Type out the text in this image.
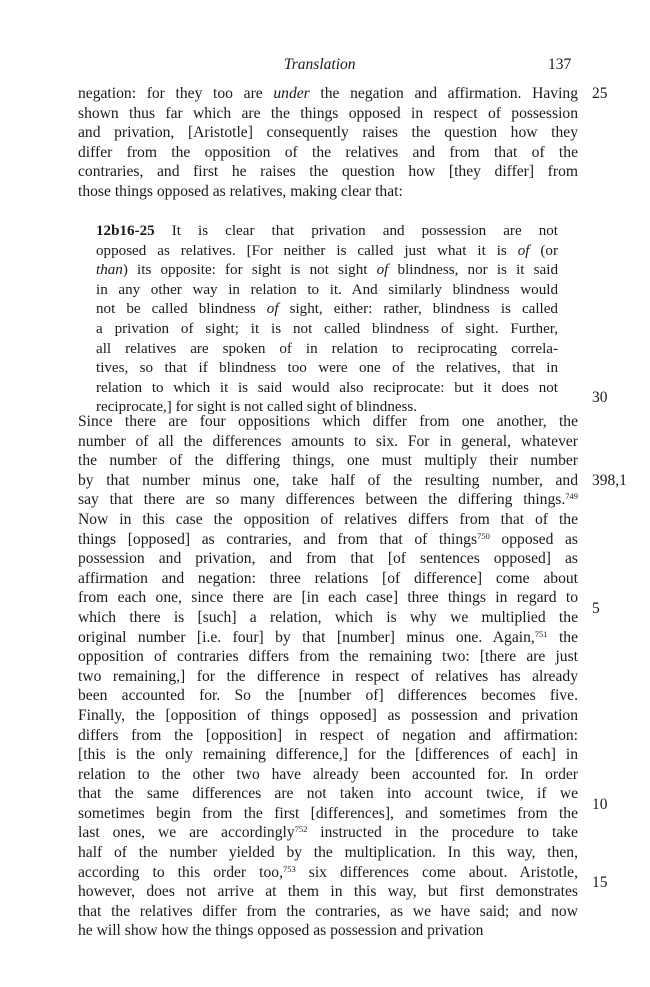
Translation	137
negation: for they too are under the negation and affirmation. Having
shown thus far which are the things opposed in respect of possession
and privation, [Aristotle] consequently raises the question how they
differ from the opposition of the relatives and from that of the
contraries, and first he raises the question how [they differ] from
those things opposed as relatives, making clear that:
12b16-25 It is clear that privation and possession are not
opposed as relatives. [For neither is called just what it is of (or
than) its opposite: for sight is not sight of blindness, nor is it said
in any other way in relation to it. And similarly blindness would
not be called blindness of sight, either: rather, blindness is called
a privation of sight; it is not called blindness of sight. Further,
all relatives are spoken of in relation to reciprocating correla-
tives, so that if blindness too were one of the relatives, that in
relation to which it is said would also reciprocate: but it does not
reciprocate,] for sight is not called sight of blindness.
Since there are four oppositions which differ from one another, the
number of all the differences amounts to six. For in general, whatever
the number of the differing things, one must multiply their number
by that number minus one, take half of the resulting number, and
say that there are so many differences between the differing things.$^{749}$
Now in this case the opposition of relatives differs from that of the
things [opposed] as contraries, and from that of things$^{750}$ opposed as
possession and privation, and from that [of sentences opposed] as
affirmation and negation: three relations [of difference] come about
from each one, since there are [in each case] three things in regard to
which there is [such] a relation, which is why we multiplied the
original number [i.e. four] by that [number] minus one. Again,$^{751}$ the
opposition of contraries differs from the remaining two: [there are just
two remaining,] for the difference in respect of relatives has already
been accounted for. So the [number of] differences becomes five.
Finally, the [opposition of things opposed] as possession and privation
differs from the [opposition] in respect of negation and affirmation:
[this is the only remaining difference,] for the [differences of each] in
relation to the other two have already been accounted for. In order
that the same differences are not taken into account twice, if we
sometimes begin from the first [differences], and sometimes from the
last ones, we are accordingly$^{752}$ instructed in the procedure to take
half of the number yielded by the multiplication. In this way, then,
according to this order too,$^{753}$ six differences come about. Aristotle,
however, does not arrive at them in this way, but first demonstrates
that the relatives differ from the contraries, as we have said; and now
he will show how the things opposed as possession and privation
25
30
398,1
5
10
15
